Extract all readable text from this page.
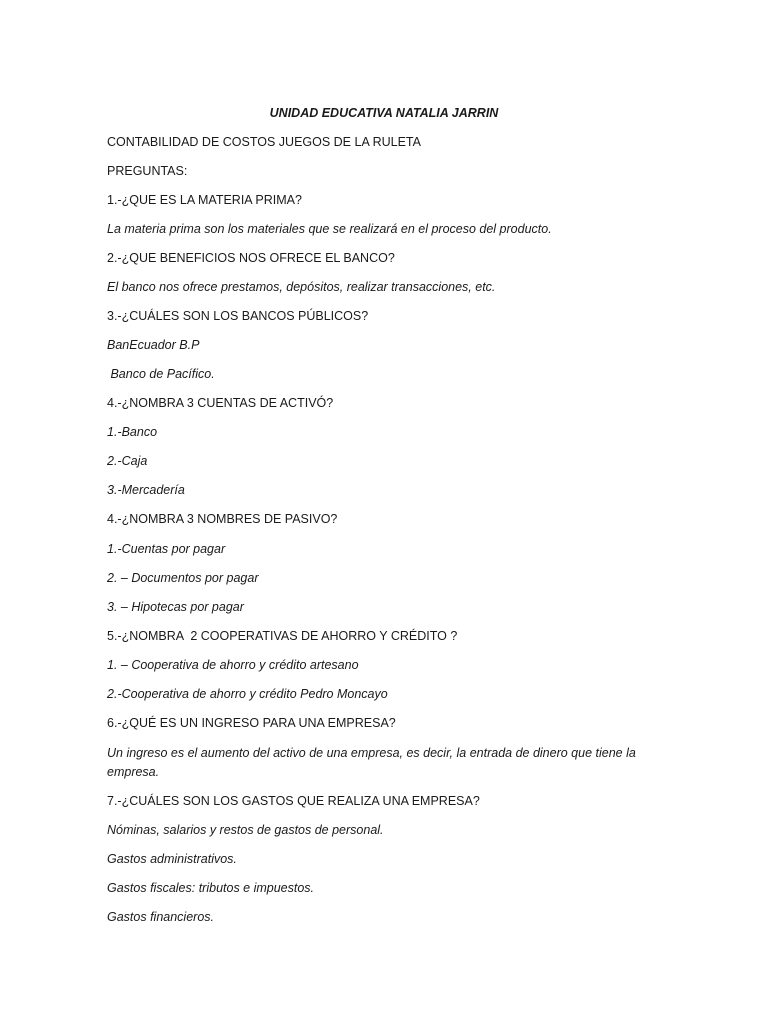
UNIDAD EDUCATIVA NATALIA JARRIN
CONTABILIDAD DE COSTOS JUEGOS DE LA RULETA
PREGUNTAS:
1.-¿QUE ES LA MATERIA PRIMA?
La materia prima son los materiales que se realizará en el proceso del producto.
2.-¿QUE BENEFICIOS NOS OFRECE EL BANCO?
El banco nos ofrece prestamos, depósitos, realizar transacciones, etc.
3.-¿CUÁLES SON LOS BANCOS PÚBLICOS?
BanEcuador B.P
Banco de Pacífico.
4.-¿NOMBRA 3 CUENTAS DE ACTIVÓ?
1.-Banco
2.-Caja
3.-Mercadería
4.-¿NOMBRA 3 NOMBRES DE PASIVO?
1.-Cuentas por pagar
2. – Documentos por pagar
3. – Hipotecas por pagar
5.-¿NOMBRA  2 COOPERATIVAS DE AHORRO Y CRÉDITO ?
1. – Cooperativa de ahorro y crédito artesano
2.-Cooperativa de ahorro y crédito Pedro Moncayo
6.-¿QUÉ ES UN INGRESO PARA UNA EMPRESA?
Un ingreso es el aumento del activo de una empresa, es decir, la entrada de dinero que tiene la empresa.
7.-¿CUÁLES SON LOS GASTOS QUE REALIZA UNA EMPRESA?
Nóminas, salarios y restos de gastos de personal.
Gastos administrativos.
Gastos fiscales: tributos e impuestos.
Gastos financieros.
